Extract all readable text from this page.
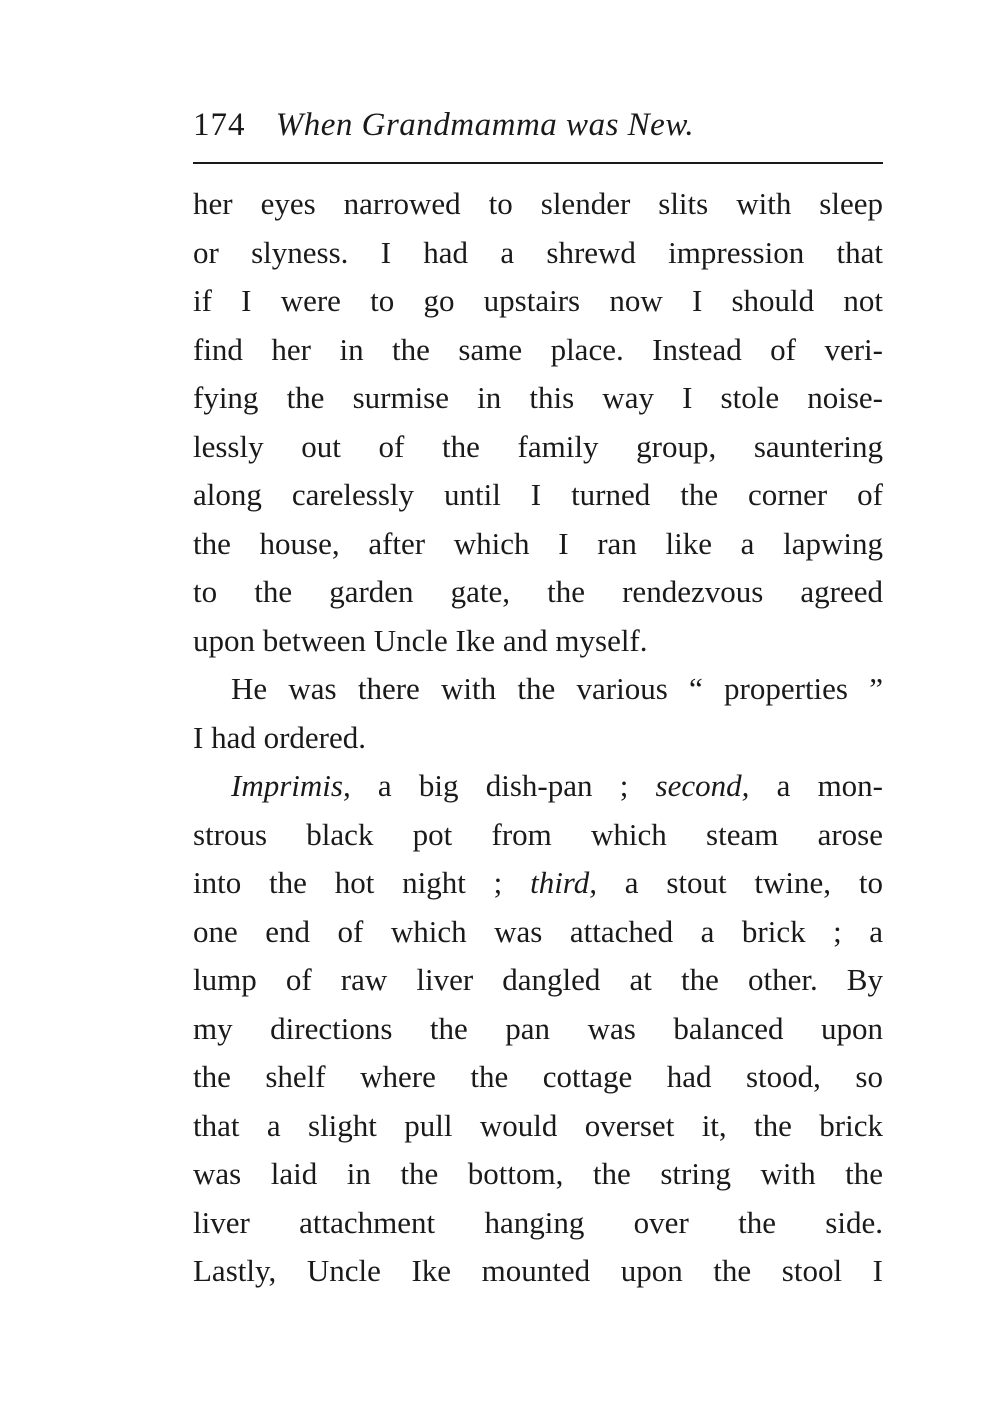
174 When Grandmamma was New.
her eyes narrowed to slender slits with sleep
or slyness. I had a shrewd impression that
if I were to go upstairs now I should not
find her in the same place. Instead of veri-
fying the surmise in this way I stole noise-
lessly out of the family group, sauntering
along carelessly until I turned the corner of
the house, after which I ran like a lapwing
to the garden gate, the rendezvous agreed
upon between Uncle Ike and myself.
He was there with the various “ properties ”
I had ordered.
Imprimis, a big dish-pan ; second, a mon-
strous black pot from which steam arose
into the hot night ; third, a stout twine, to
one end of which was attached a brick ; a
lump of raw liver dangled at the other. By
my directions the pan was balanced upon
the shelf where the cottage had stood, so
that a slight pull would overset it, the brick
was laid in the bottom, the string with the
liver attachment hanging over the side.
Lastly, Uncle Ike mounted upon the stool I
